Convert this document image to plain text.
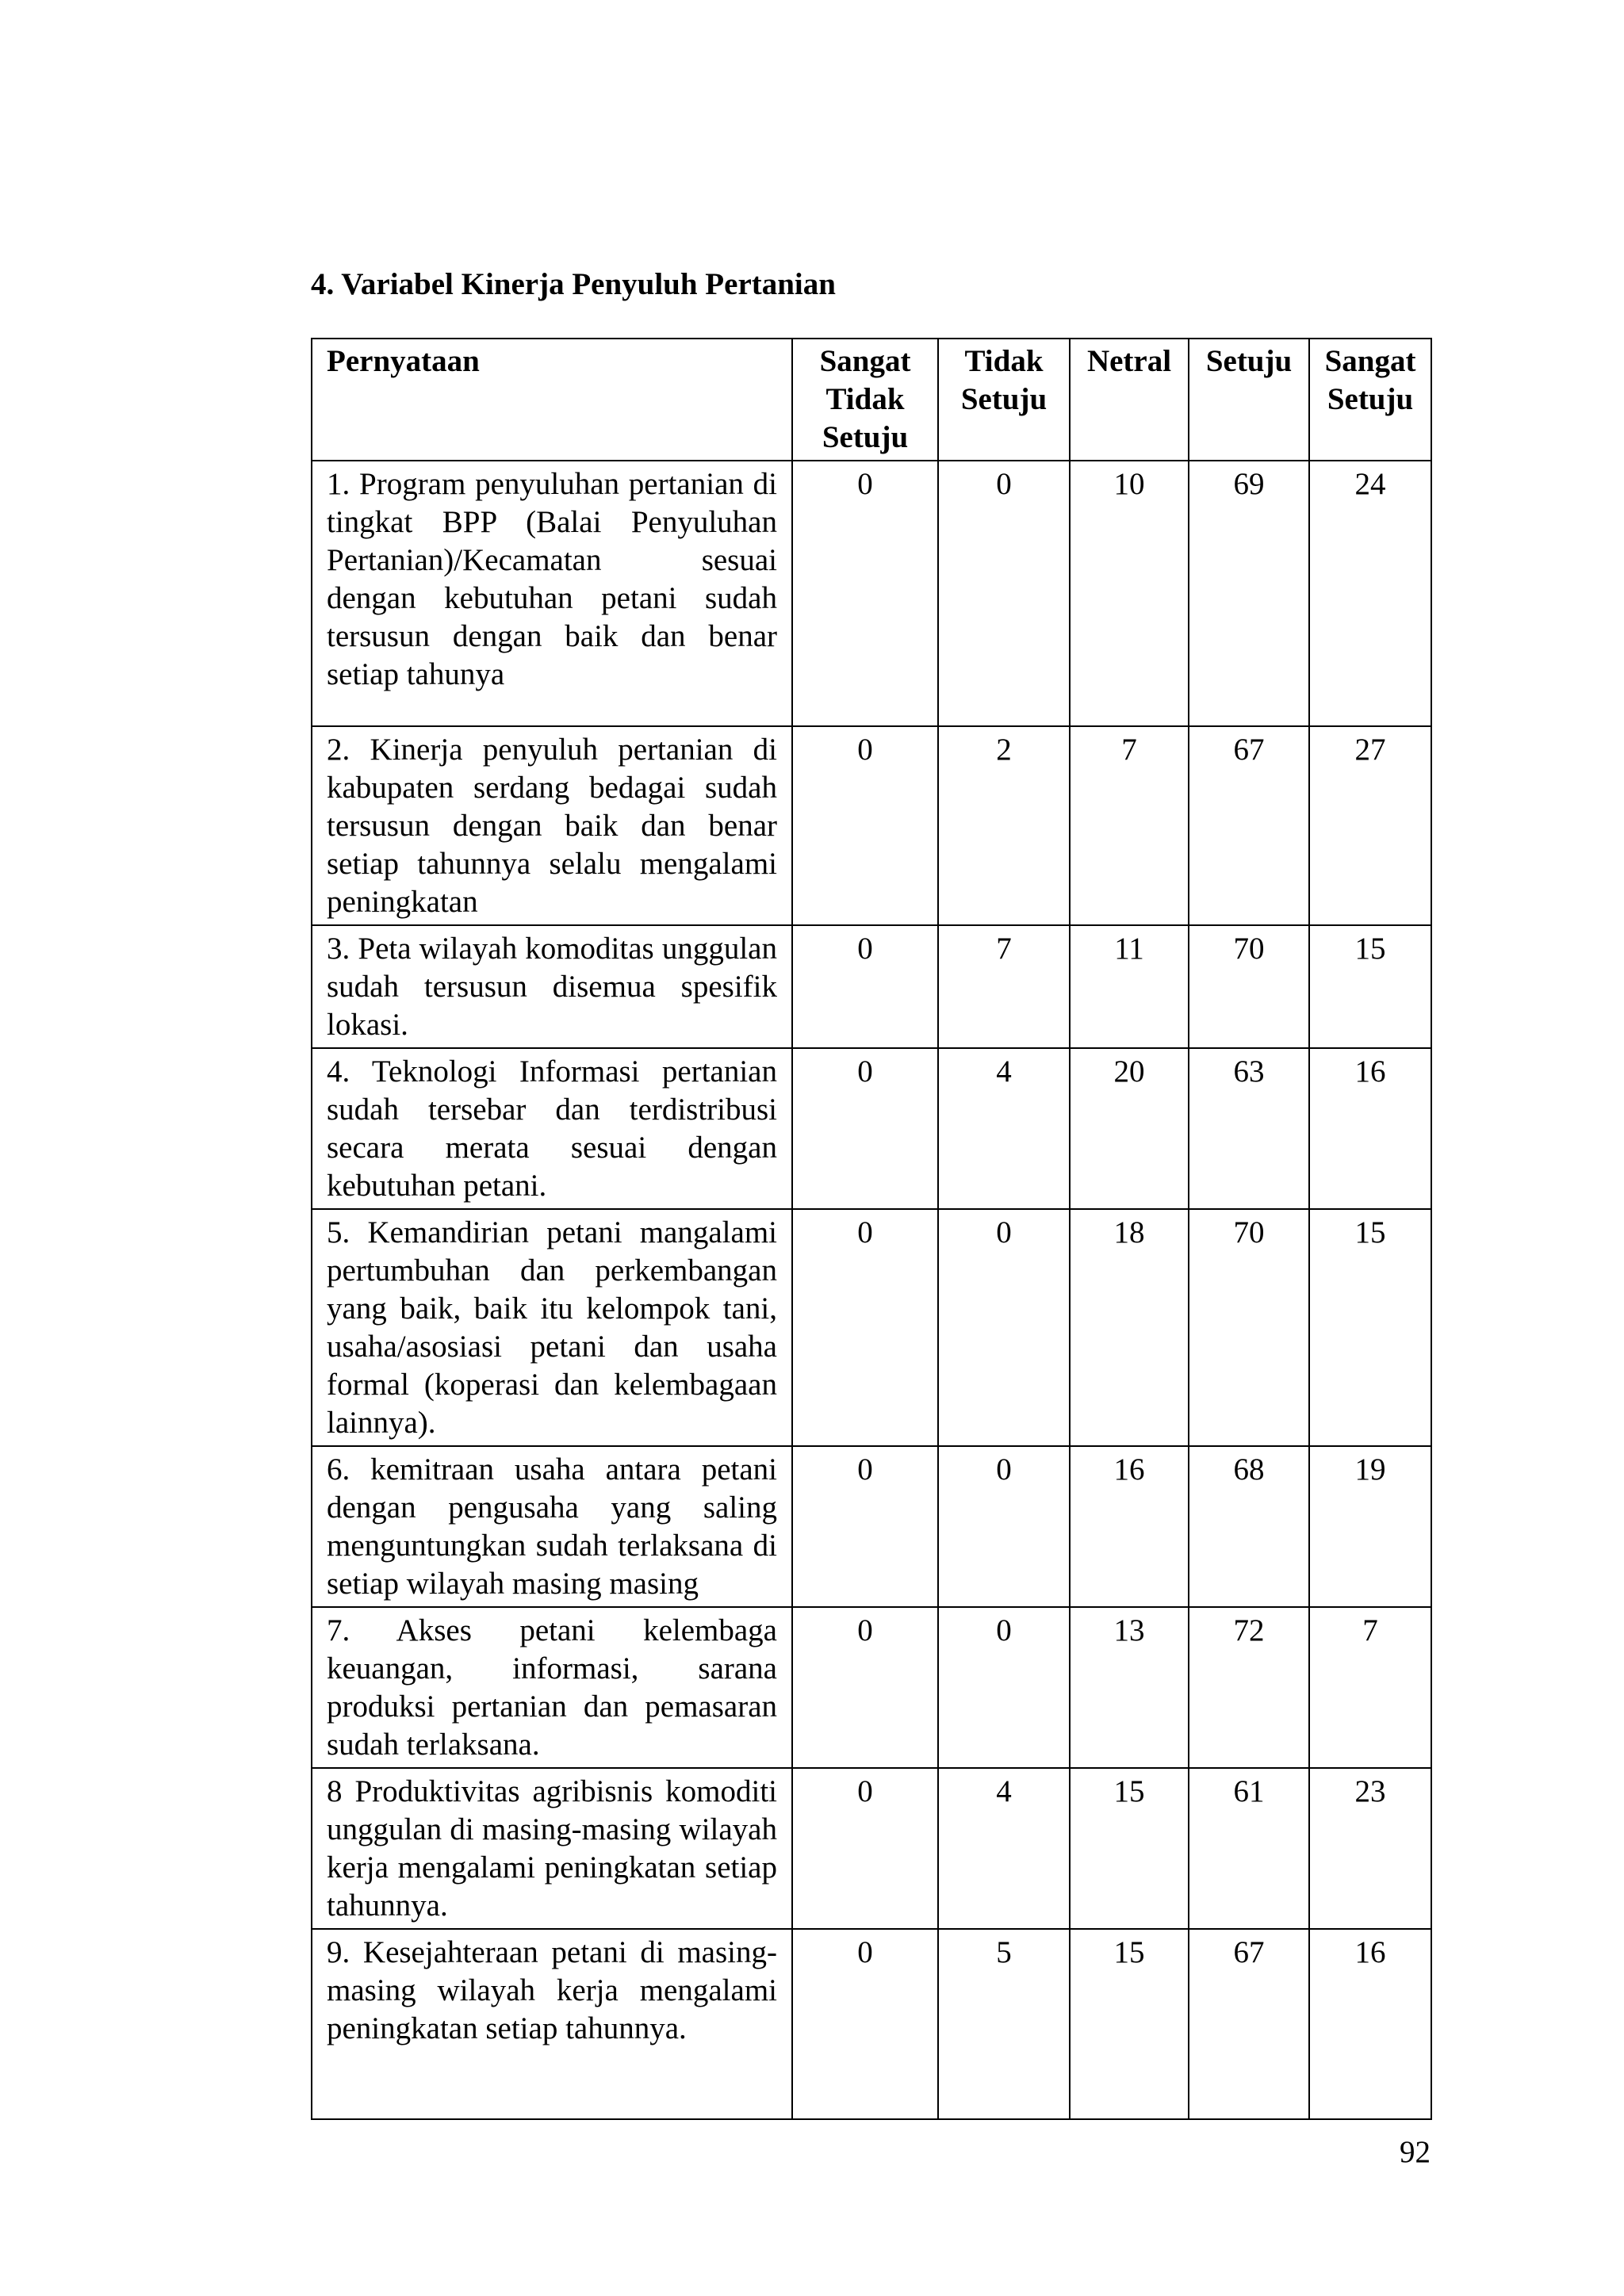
4. Variabel Kinerja Penyuluh Pertanian
Pernyataan	Sangat Tidak Setuju	Tidak Setuju	Netral	Setuju	Sangat Setuju
1. Program penyuluhan pertanian di tingkat BPP (Balai Penyuluhan Pertanian)/Kecamatan sesuai dengan kebutuhan petani sudah tersusun dengan baik dan benar setiap tahunya	0	0	10	69	24
2. Kinerja penyuluh pertanian di kabupaten serdang bedagai sudah tersusun dengan baik dan benar setiap tahunnya selalu mengalami peningkatan	0	2	7	67	27
3. Peta wilayah komoditas unggulan sudah tersusun disemua spesifik lokasi.	0	7	11	70	15
4. Teknologi Informasi pertanian sudah tersebar dan terdistribusi secara merata sesuai dengan kebutuhan petani.	0	4	20	63	16
5. Kemandirian petani mangalami pertumbuhan dan perkembangan yang baik, baik itu kelompok tani, usaha/asosiasi petani dan usaha formal (koperasi dan kelembagaan lainnya).	0	0	18	70	15
6. kemitraan usaha antara petani dengan pengusaha yang saling menguntungkan sudah terlaksana di setiap wilayah masing masing	0	0	16	68	19
7. Akses petani kelembaga keuangan, informasi, sarana produksi pertanian dan pemasaran sudah terlaksana.	0	0	13	72	7
8 Produktivitas agribisnis komoditi unggulan di masing-masing wilayah kerja mengalami peningkatan setiap tahunnya.	0	4	15	61	23
9. Kesejahteraan petani di masing-masing wilayah kerja mengalami peningkatan setiap tahunnya.	0	5	15	67	16
92
